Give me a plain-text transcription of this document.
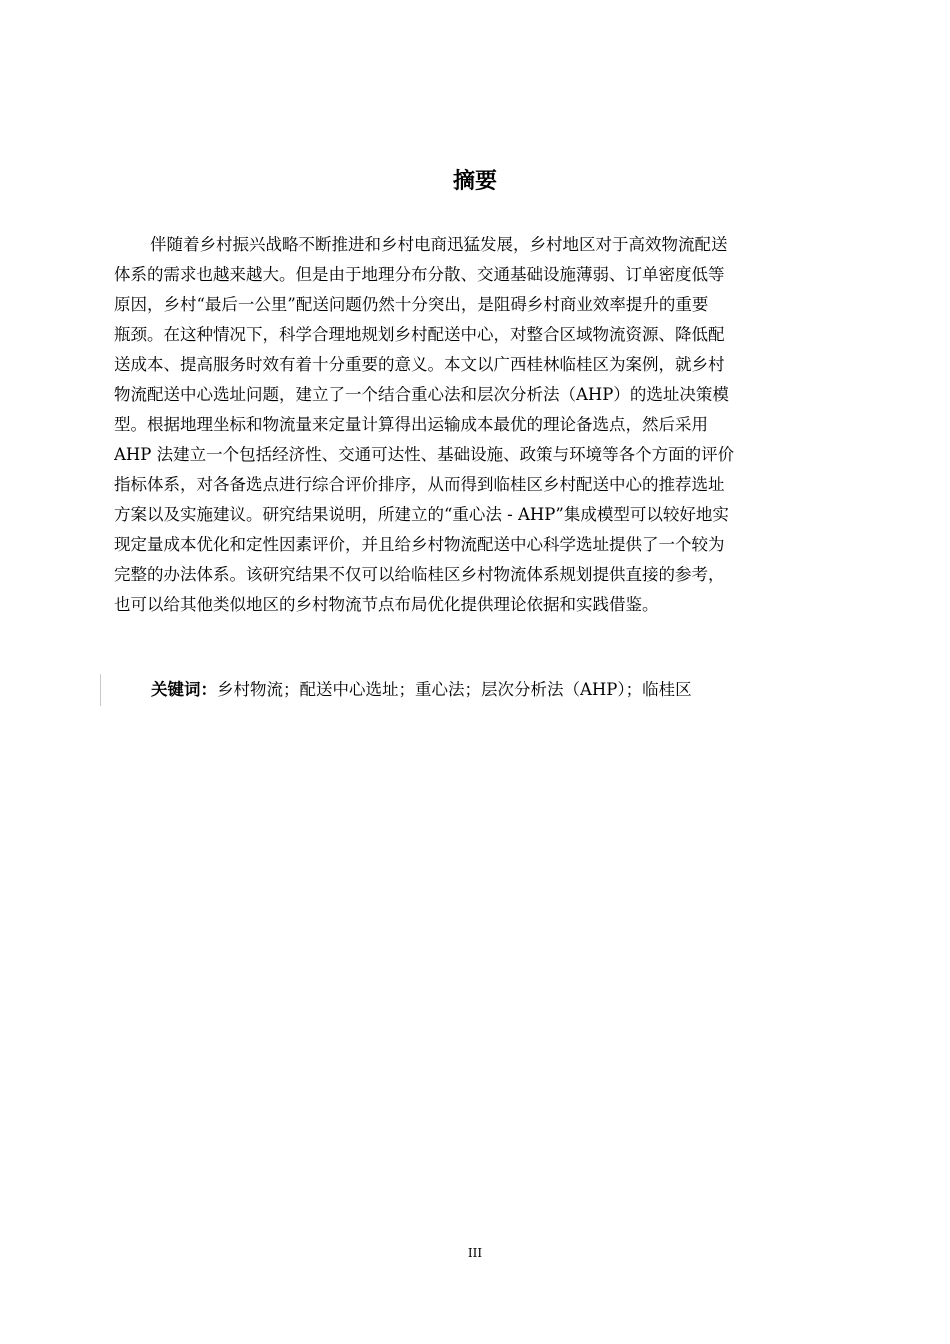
摘要
伴随着乡村振兴战略不断推进和乡村电商迅猛发展，乡村地区对于高效物流配送
体系的需求也越来越大。但是由于地理分布分散、交通基础设施薄弱、订单密度低等
原因，乡村“最后一公里”配送问题仍然十分突出，是阻碍乡村商业效率提升的重要
瓶颈。在这种情况下，科学合理地规划乡村配送中心，对整合区域物流资源、降低配
送成本、提高服务时效有着十分重要的意义。本文以广西桂林临桂区为案例，就乡村
物流配送中心选址问题，建立了一个结合重心法和层次分析法（AHP）的选址决策模
型。根据地理坐标和物流量来定量计算得出运输成本最优的理论备选点，然后采用
AHP 法建立一个包括经济性、交通可达性、基础设施、政策与环境等各个方面的评价
指标体系，对各备选点进行综合评价排序，从而得到临桂区乡村配送中心的推荐选址
方案以及实施建议。研究结果说明，所建立的“重心法 - AHP”集成模型可以较好地实
现定量成本优化和定性因素评价，并且给乡村物流配送中心科学选址提供了一个较为
完整的办法体系。该研究结果不仅可以给临桂区乡村物流体系规划提供直接的参考，
也可以给其他类似地区的乡村物流节点布局优化提供理论依据和实践借鉴。
关键词：乡村物流；配送中心选址；重心法；层次分析法（AHP）；临桂区
III
